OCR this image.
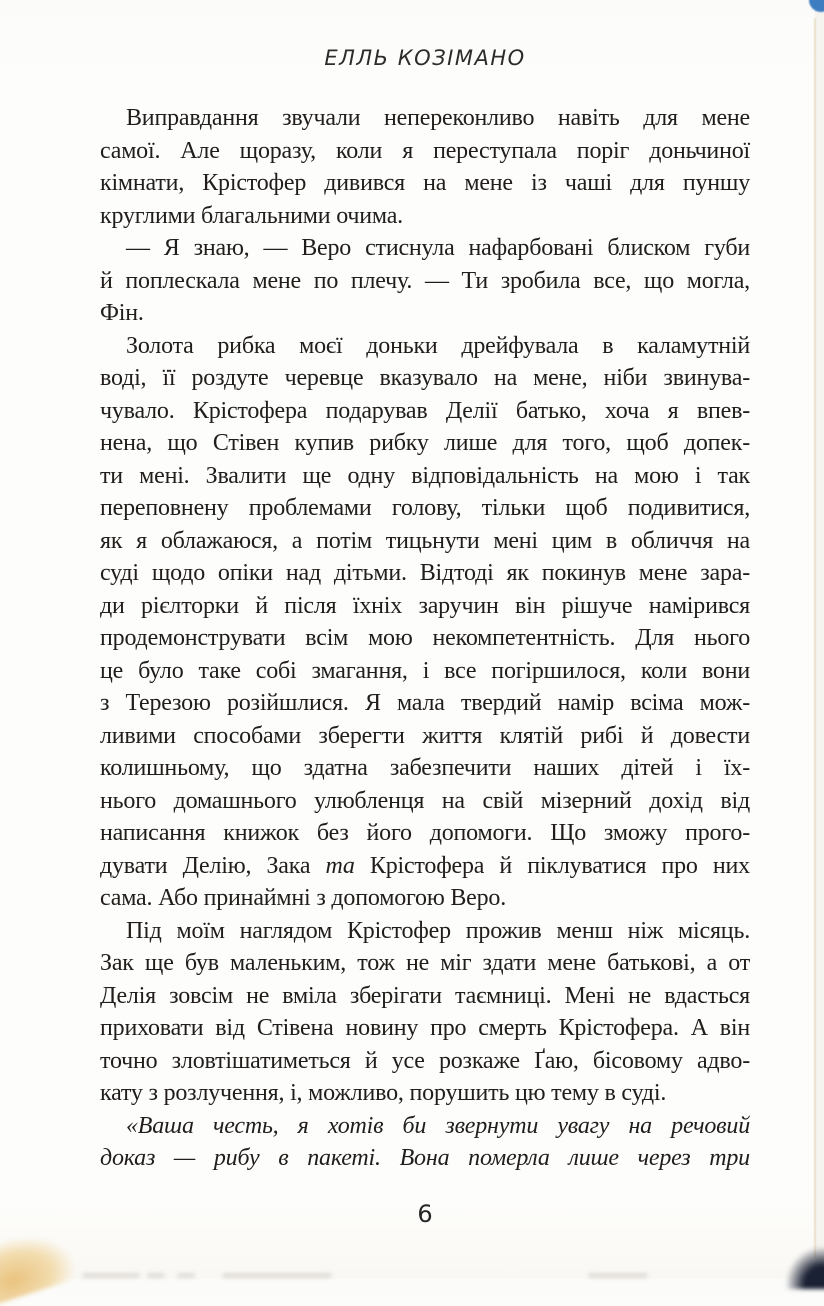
ЕЛЛЬ КОЗІМАНО
Виправдання звучали непереконливо навіть для мене
самої. Але щоразу, коли я переступала поріг доньчиної
кімнати, Крістофер дивився на мене із чаші для пуншу
круглими благальними очима.
— Я знаю, — Веро стиснула нафарбовані блиском губи
й поплескала мене по плечу. — Ти зробила все, що могла,
Фін.
Золота рибка моєї доньки дрейфувала в каламутній
воді, її роздуте черевце вказувало на мене, ніби звинува-
чувало. Крістофера подарував Делії батько, хоча я впев-
нена, що Стівен купив рибку лише для того, щоб допек-
ти мені. Звалити ще одну відповідальність на мою і так
переповнену проблемами голову, тільки щоб подивитися,
як я облажаюся, а потім тицьнути мені цим в обличчя на
суді щодо опіки над дітьми. Відтоді як покинув мене зара-
ди рієлторки й після їхніх заручин він рішуче намірився
продемонструвати всім мою некомпетентність. Для нього
це було таке собі змагання, і все погіршилося, коли вони
з Терезою розійшлися. Я мала твердий намір всіма мож-
ливими способами зберегти життя клятій рибі й довести
колишньому, що здатна забезпечити наших дітей і їх-
нього домашнього улюбленця на свій мізерний дохід від
написання книжок без його допомоги. Що зможу прого-
дувати Делію, Зака та Крістофера й піклуватися про них
сама. Або принаймні з допомогою Веро.
Під моїм наглядом Крістофер прожив менш ніж місяць.
Зак ще був маленьким, тож не міг здати мене батькові, а от
Делія зовсім не вміла зберігати таємниці. Мені не вдасться
приховати від Стівена новину про смерть Крістофера. А він
точно зловтішатиметься й усе розкаже Ґаю, бісовому адво-
кату з розлучення, і, можливо, порушить цю тему в суді.
«Ваша честь, я хотів би звернути увагу на речовий
доказ — рибу в пакеті. Вона померла лише через три
6
